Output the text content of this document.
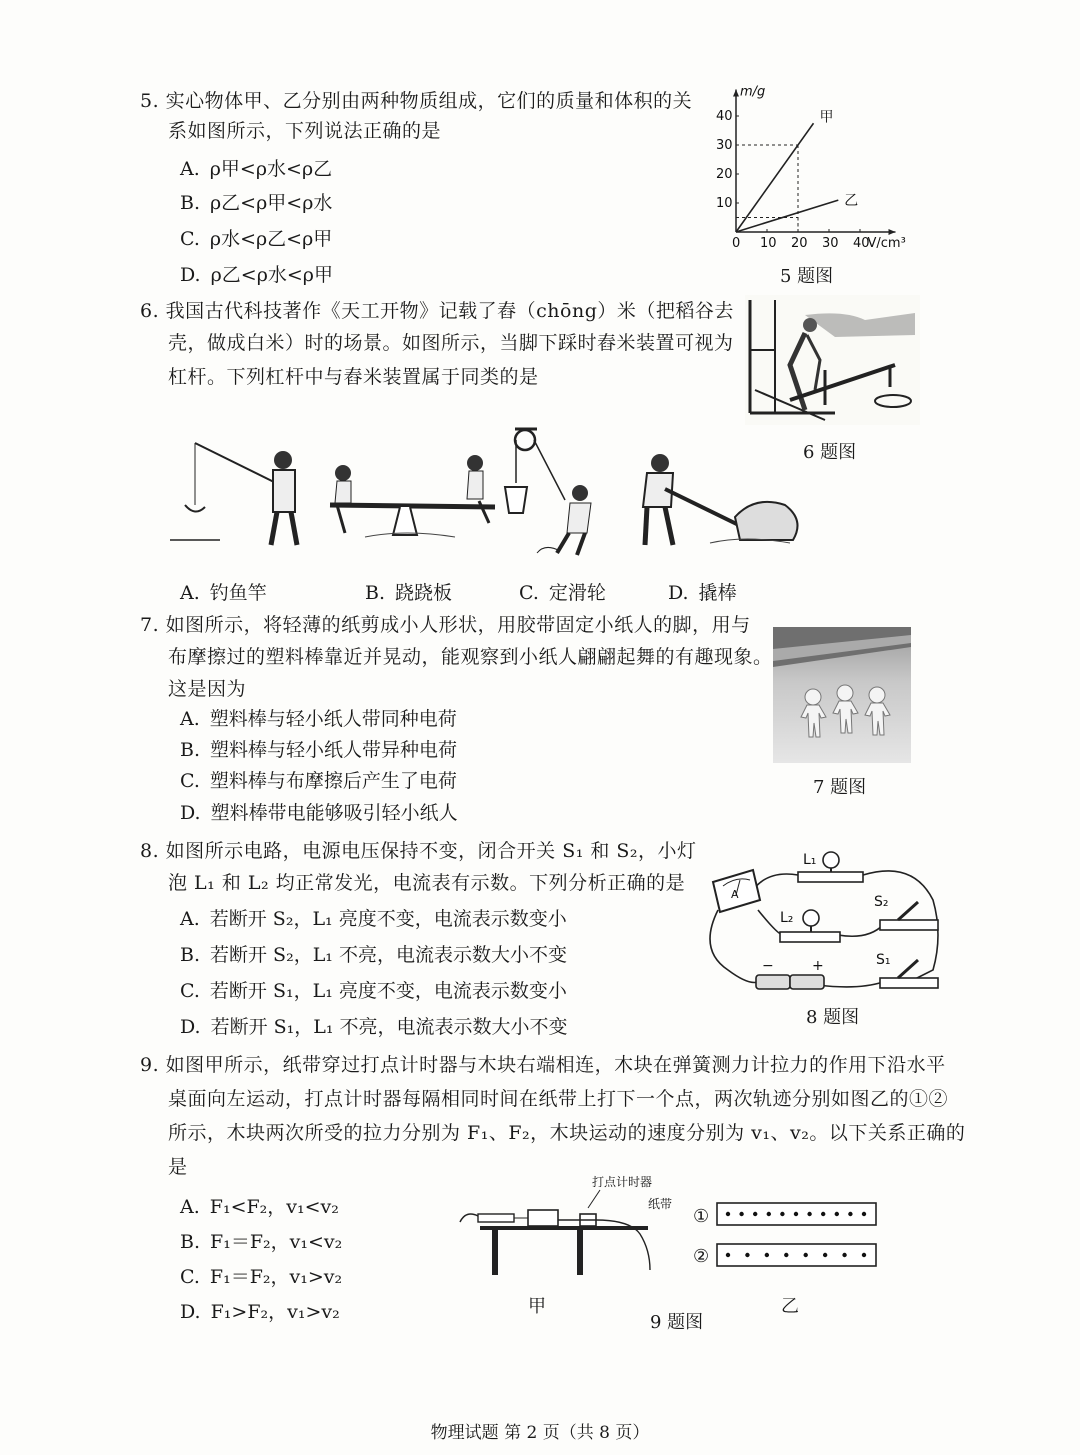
5. 实心物体甲、乙分别由两种物质组成，它们的质量和体积的关
系如图所示，下列说法正确的是
A. ρ甲<ρ水<ρ乙
B. ρ乙<ρ甲<ρ水
C. ρ水<ρ乙<ρ甲
D. ρ乙<ρ水<ρ甲
m/g
V/cm³
0 10 20 30 40
10
20
30
40	甲
乙
5 题图
6. 我国古代科技著作《天工开物》记载了舂（chōng）米（把稻谷去
壳，做成白米）时的场景。如图所示，当脚下踩时舂米装置可视为
杠杆。下列杠杆中与舂米装置属于同类的是
6 题图
A. 钓鱼竿	B. 跷跷板	C. 定滑轮	D. 撬棒
7. 如图所示，将轻薄的纸剪成小人形状，用胶带固定小纸人的脚，用与
布摩擦过的塑料棒靠近并晃动，能观察到小纸人翩翩起舞的有趣现象。
这是因为
A. 塑料棒与轻小纸人带同种电荷
B. 塑料棒与轻小纸人带异种电荷
C. 塑料棒与布摩擦后产生了电荷
D. 塑料棒带电能够吸引轻小纸人
7 题图
8. 如图所示电路，电源电压保持不变，闭合开关 S₁ 和 S₂，小灯
泡 L₁ 和 L₂ 均正常发光，电流表有示数。下列分析正确的是
A. 若断开 S₂，L₁ 亮度不变，电流表示数变小
B. 若断开 S₂，L₁ 不亮，电流表示数大小不变
C. 若断开 S₁，L₁ 亮度不变，电流表示数变小
D. 若断开 S₁，L₁ 不亮，电流表示数大小不变
A
L₁
L₂
S₂
S₁
−	+
8 题图
9. 如图甲所示，纸带穿过打点计时器与木块右端相连，木块在弹簧测力计拉力的作用下沿水平
桌面向左运动，打点计时器每隔相同时间在纸带上打下一个点，两次轨迹分别如图乙的①②
所示，木块两次所受的拉力分别为 F₁、F₂，木块运动的速度分别为 v₁、v₂。以下关系正确的
是
A. F₁<F₂，v₁<v₂
B. F₁＝F₂，v₁<v₂
C. F₁＝F₂，v₁>v₂
D. F₁>F₂，v₁>v₂
打点计时器
纸带
甲
①
②
乙
9 题图
物理试题 第 2 页（共 8 页）
